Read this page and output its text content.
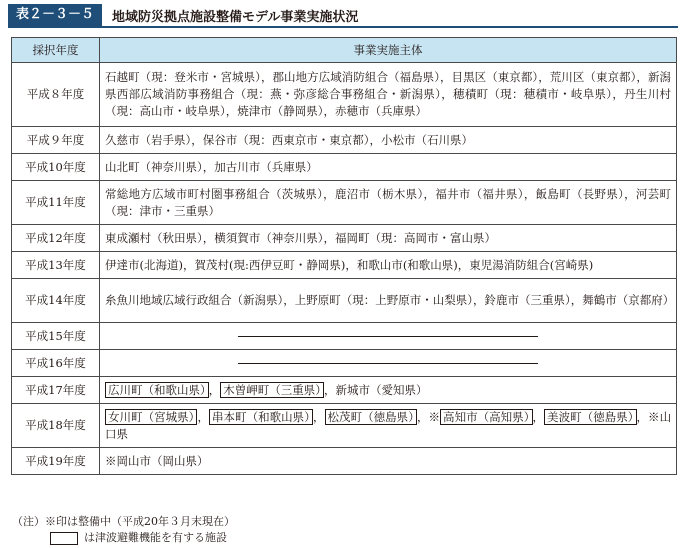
表２－３－５	地域防災拠点施設整備モデル事業実施状況
採択年度	事業実施主体
平成８年度	石越町（現：登米市・宮城県），郡山地方広域消防組合（福島県），目黒区（東京都），荒川区（東京都），新潟県西部広域消防事務組合（現：燕・弥彦総合事務組合・新潟県），穂積町（現：穂積市・岐阜県），丹生川村（現：高山市・岐阜県），焼津市（静岡県），赤穂市（兵庫県）
平成９年度	久慈市（岩手県），保谷市（現：西東京市・東京都），小松市（石川県）
平成10年度	山北町（神奈川県），加古川市（兵庫県）
平成11年度	常総地方広域市町村圏事務組合（茨城県），鹿沼市（栃木県），福井市（福井県），飯島町（長野県），河芸町（現：津市・三重県）
平成12年度	東成瀬村（秋田県），横須賀市（神奈川県），福岡町（現：高岡市・富山県）
平成13年度	伊達市(北海道)，賀茂村(現:西伊豆町・静岡県)，和歌山市(和歌山県)，東児湯消防組合(宮崎県)
平成14年度	糸魚川地域広域行政組合（新潟県），上野原町（現：上野原市・山梨県），鈴鹿市（三重県），舞鶴市（京都府）
平成15年度	

平成16年度	

平成17年度	広川町（和歌山県） ， 木曽岬町（三重県） ，新城市（愛知県）
平成18年度	女川町（宮城県） ， 串本町（和歌山県） ， 松茂町（徳島県） ，※ 高知市（高知県） ， 美波町（徳島県） ，※山口県
平成19年度	※岡山市（岡山県）
（注）※印は整備中（平成20年３月末現在）
は津波避難機能を有する施設
